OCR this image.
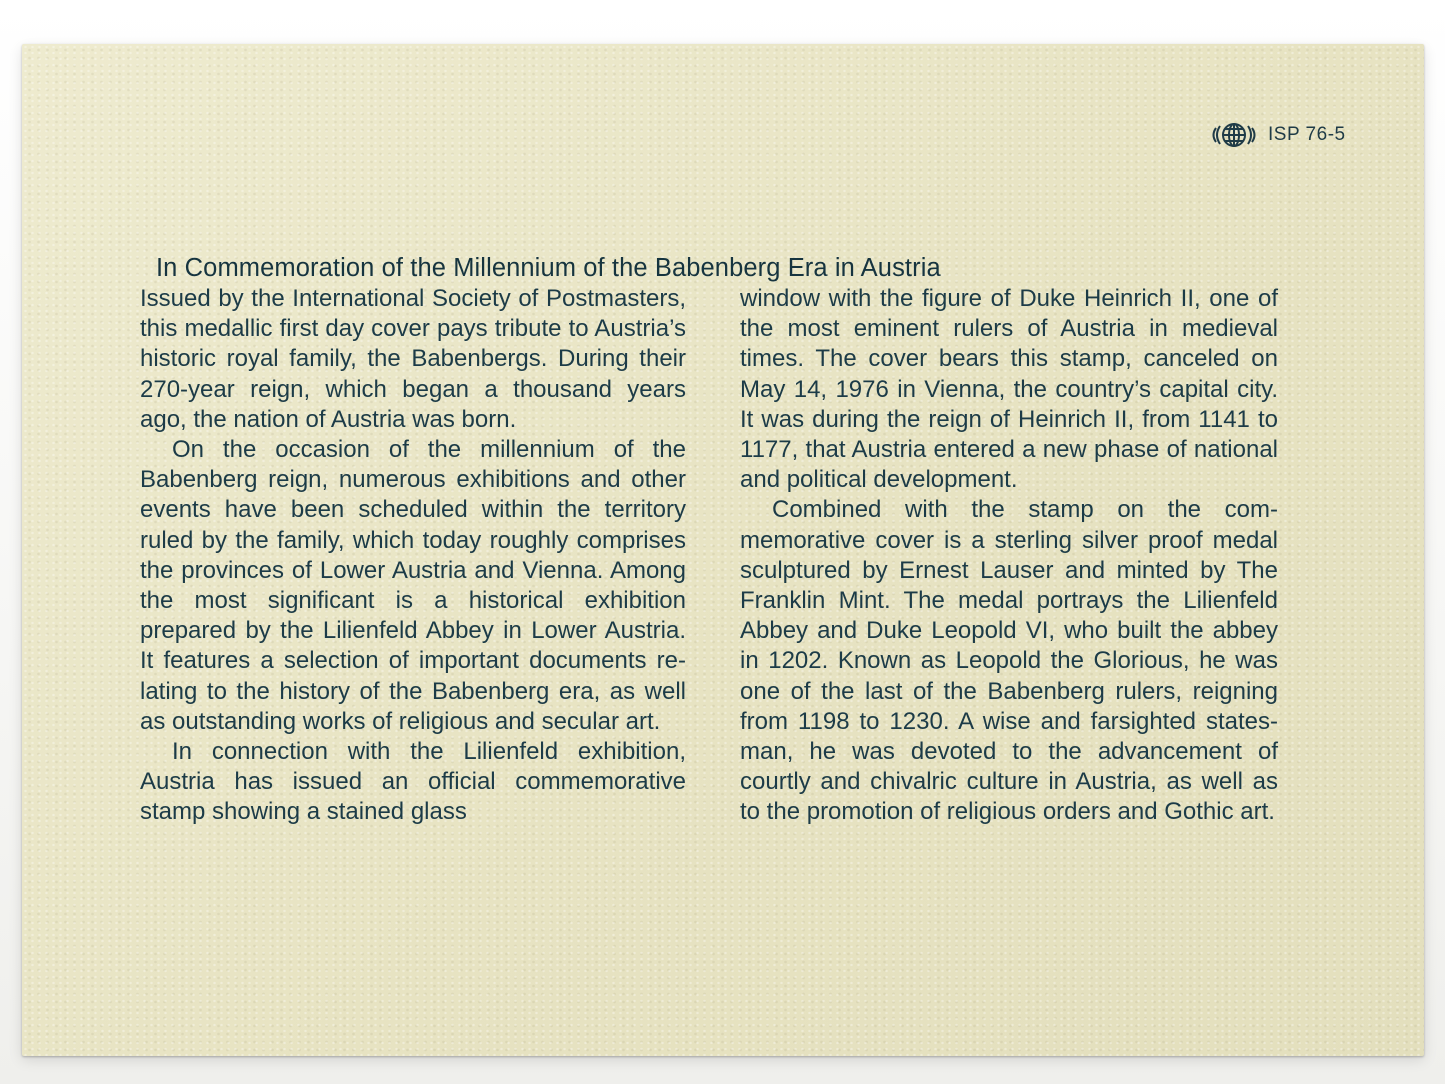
ISP 76-5
In Commemoration of the Millennium of the Babenberg Era in Austria

Issued by the International Society of Postmasters, this medallic first day cover pays tribute to Austria’s historic royal family, the Babenbergs. During their 270-year reign, which began a thousand years ago, the nation of Austria was born.

On the occasion of the millennium of the Babenberg reign, numerous exhibitions and other events have been scheduled within the territory ruled by the family, which today roughly comprises the provinces of Lower Austria and Vienna. Among the most significant is a historical exhibition prepared by the Lilienfeld Abbey in Lower Austria. It features a selection of important documents relating to the history of the Babenberg era, as well as outstanding works of religious and secular art.

In connection with the Lilienfeld exhibition, Austria has issued an official commemorative stamp showing a stained glass

window with the figure of Duke Heinrich II, one of the most eminent rulers of Austria in medieval times. The cover bears this stamp, canceled on May 14, 1976 in Vienna, the country’s capital city. It was during the reign of Heinrich II, from 1141 to 1177, that Austria entered a new phase of national and political development.

Combined with the stamp on the commemorative cover is a sterling silver proof medal sculptured by Ernest Lauser and minted by The Franklin Mint. The medal portrays the Lilienfeld Abbey and Duke Leopold VI, who built the abbey in 1202. Known as Leopold the Glorious, he was one of the last of the Babenberg rulers, reigning from 1198 to 1230. A wise and farsighted statesman, he was devoted to the advancement of courtly and chivalric culture in Austria, as well as to the promotion of religious orders and Gothic art.
